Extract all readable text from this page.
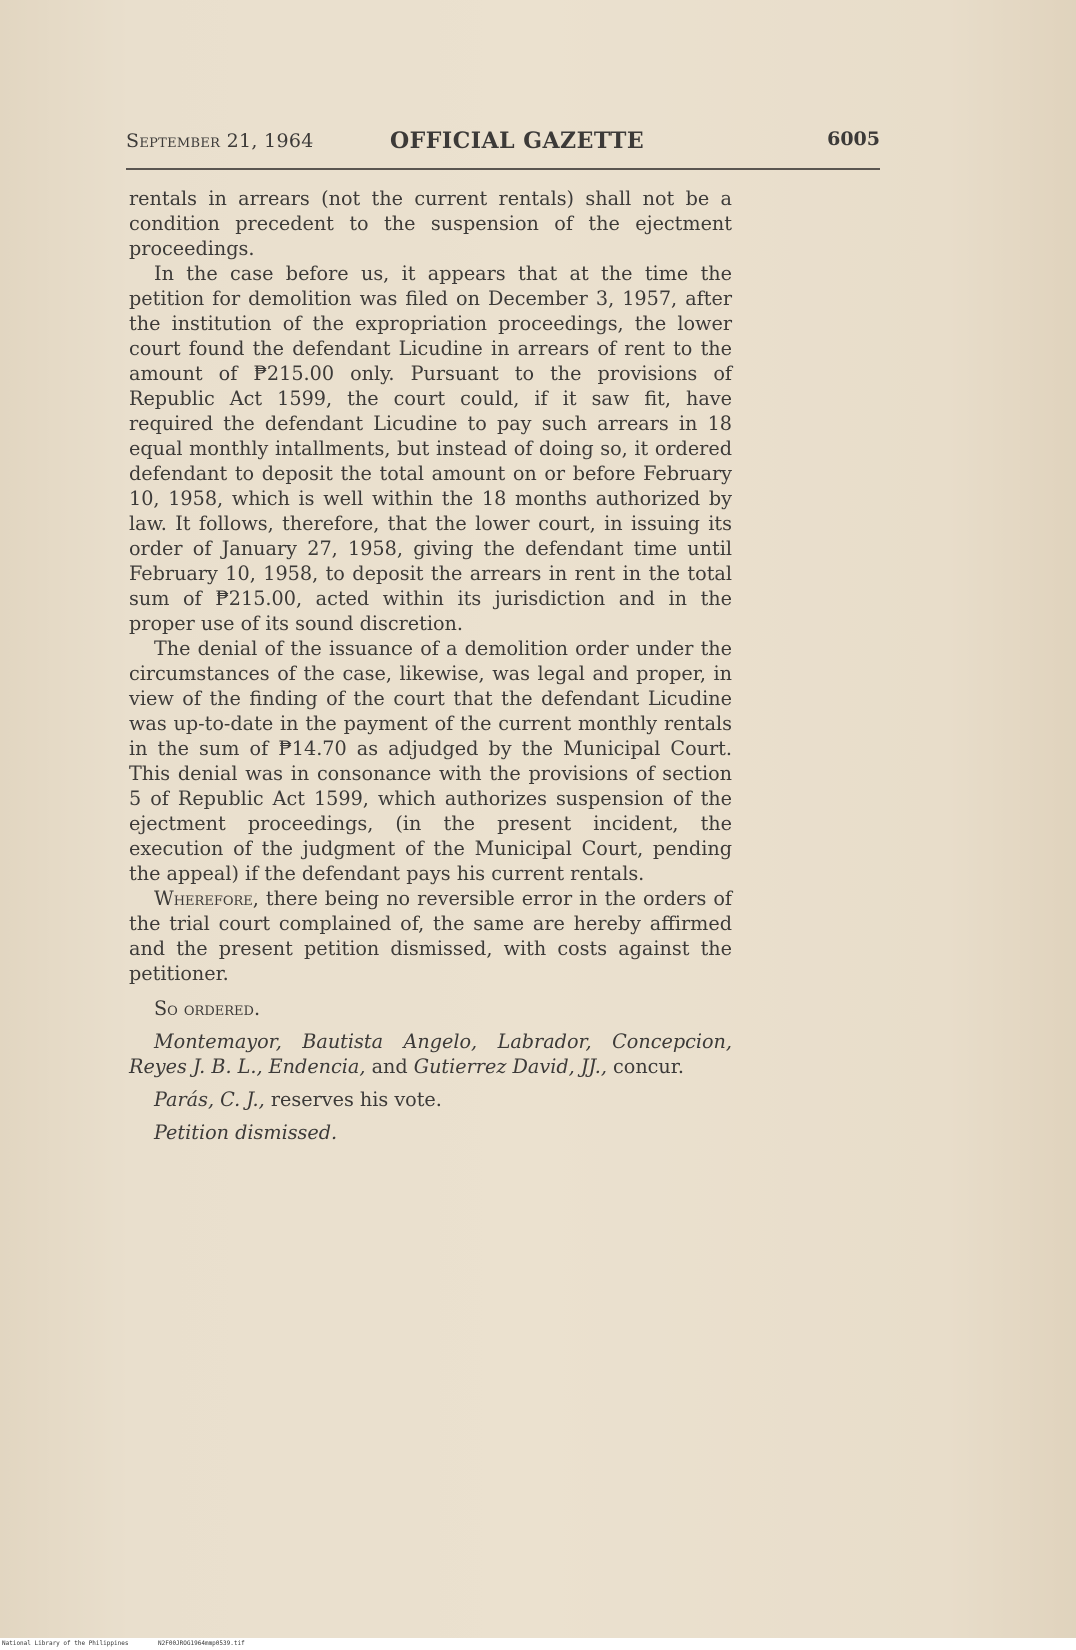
September 21, 1964	OFFICIAL GAZETTE	6005

rentals in arrears (not the current rentals) shall not be a condition precedent to the suspension of the ejectment proceedings.

In the case before us, it appears that at the time the petition for demolition was filed on December 3, 1957, after the institution of the expropriation proceedings, the lower court found the defendant Licudine in arrears of rent to the amount of ₱215.00 only. Pursuant to the provisions of Republic Act 1599, the court could, if it saw fit, have required the defendant Licudine to pay such arrears in 18 equal monthly intallments, but instead of doing so, it ordered defendant to deposit the total amount on or before February 10, 1958, which is well within the 18 months authorized by law. It follows, therefore, that the lower court, in issuing its order of January 27, 1958, giving the defendant time until February 10, 1958, to deposit the arrears in rent in the total sum of ₱215.00, acted within its jurisdiction and in the proper use of its sound discretion.

The denial of the issuance of a demolition order under the circumstances of the case, likewise, was legal and proper, in view of the finding of the court that the defendant Licudine was up-to-date in the payment of the current monthly rentals in the sum of ₱14.70 as adjudged by the Municipal Court. This denial was in consonance with the provisions of section 5 of Republic Act 1599, which authorizes suspension of the ejectment proceedings, (in the present incident, the execution of the judgment of the Municipal Court, pending the appeal) if the defendant pays his current rentals.

Wherefore, there being no reversible error in the orders of the trial court complained of, the same are hereby affirmed and the present petition dismissed, with costs against the petitioner.

So ordered.

Montemayor, Bautista Angelo, Labrador, Concepcion, Reyes J. B. L., Endencia, and Gutierrez David, JJ., concur.

Parás, C. J., reserves his vote.

Petition dismissed.

National Library of the Philippines	N2F00JROG1964mmp0539.tif
